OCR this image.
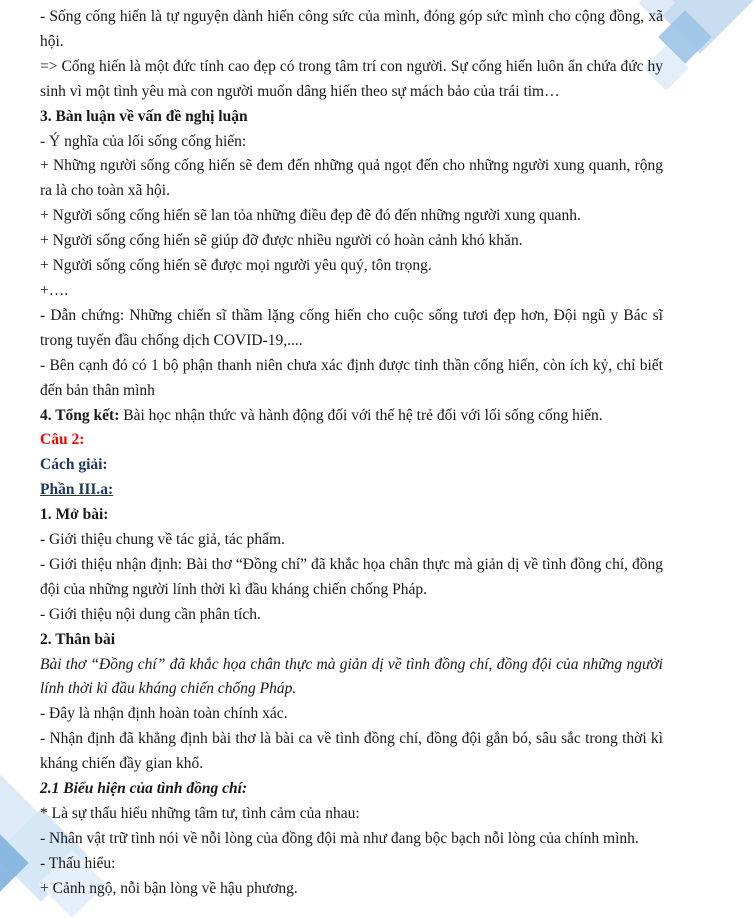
- Sống cống hiến là tự nguyện dành hiến công sức của mình, đóng góp sức mình cho cộng đồng, xã hội.

=> Cống hiến là một đức tính cao đẹp có trong tâm trí con người. Sự cống hiến luôn ẩn chứa đức hy sinh vì một tình yêu mà con người muốn dâng hiến theo sự mách bảo của trái tim…

3. Bàn luận về vấn đề nghị luận

- Ý nghĩa của lối sống cống hiến:

+ Những người sống cống hiến sẽ đem đến những quả ngọt đến cho những người xung quanh, rộng ra là cho toàn xã hội.

+ Người sống cống hiến sẽ lan tỏa những điều đẹp đẽ đó đến những người xung quanh.

+ Người sống cống hiến sẽ giúp đỡ được nhiều người có hoàn cảnh khó khăn.

+ Người sống cống hiến sẽ được mọi người yêu quý, tôn trọng.

+….

- Dẫn chứng: Những chiến sĩ thầm lặng cống hiến cho cuộc sống tươi đẹp hơn, Đội ngũ y Bác sĩ trong tuyến đầu chống dịch COVID-19,....

- Bên cạnh đó có 1 bộ phận thanh niên chưa xác định được tinh thần cống hiến, còn ích kỷ, chỉ biết đến bản thân mình

4. Tổng kết: Bài học nhận thức và hành động đối với thế hệ trẻ đối với lối sống cống hiến.

Câu 2:

Cách giải:

Phần III.a:

1. Mở bài:

- Giới thiệu chung về tác giả, tác phẩm.

- Giới thiệu nhận định: Bài thơ “Đồng chí” đã khắc họa chân thực mà giản dị về tình đồng chí, đồng đội của những người lính thời kì đầu kháng chiến chống Pháp.

- Giới thiệu nội dung cần phân tích.

2. Thân bài

Bài thơ “Đồng chí” đã khắc họa chân thực mà giản dị về tình đồng chí, đồng đội của những người lính thời kì đầu kháng chiến chống Pháp.

- Đây là nhận định hoàn toàn chính xác.

- Nhận định đã khẳng định bài thơ là bài ca về tình đồng chí, đồng đội gắn bó, sâu sắc trong thời kì kháng chiến đầy gian khổ.

2.1 Biểu hiện của tình đồng chí:

* Là sự thấu hiểu những tâm tư, tình cảm của nhau:

- Nhân vật trữ tình nói về nỗi lòng của đồng đội mà như đang bộc bạch nỗi lòng của chính mình.

- Thấu hiểu:

+ Cảnh ngộ, nỗi bận lòng về hậu phương.
